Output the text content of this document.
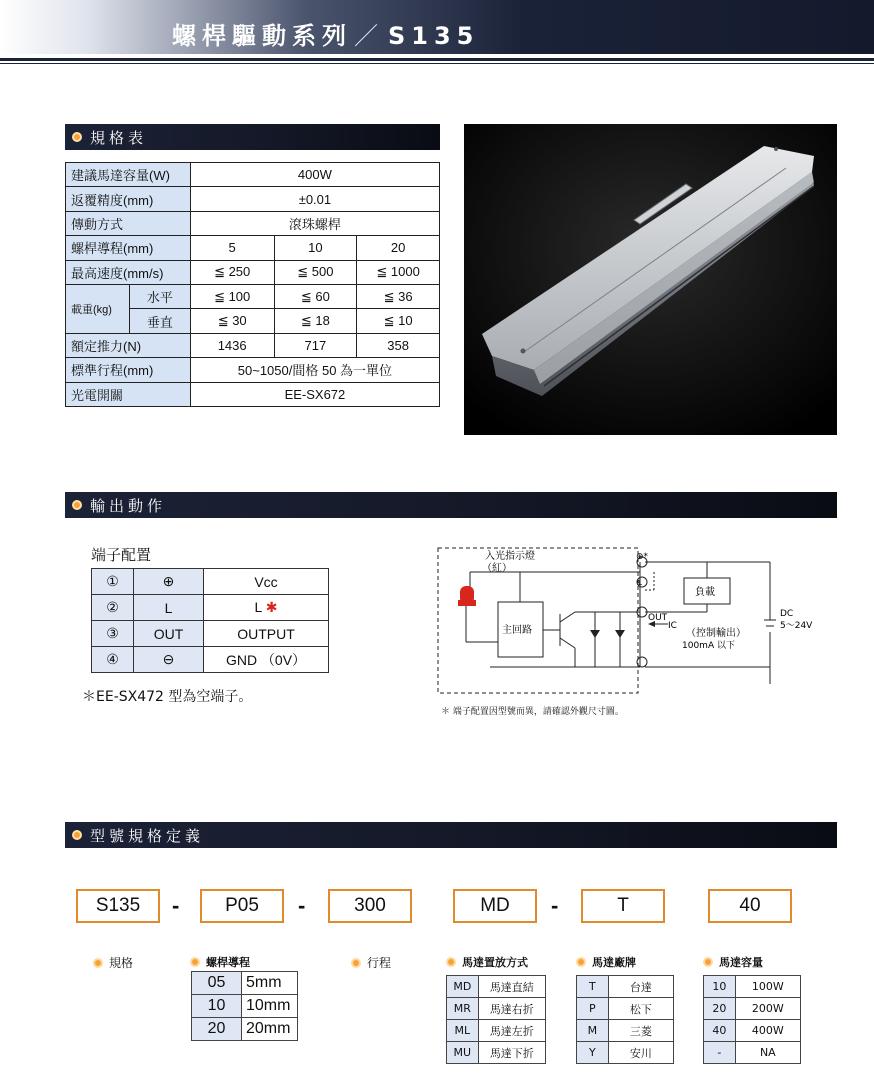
螺桿驅動系列／ S135
規格表
建議馬達容量(W)		400W		
返覆精度(mm)		±0.01		
傳動方式		滾珠螺桿		
螺桿導程(mm)		5	10	20
最高速度(mm/s)		≦ 250	≦ 500	≦ 1000
載重(kg)	水平	≦ 100	≦ 60	≦ 36
	垂直	≦ 30	≦ 18	≦ 10
額定推力(N)		1436	717	358
標準行程(mm)		50~1050/間格 50 為一單位		
光電開關		EE-SX672		
輸出動作
端子配置
①	⊕	Vcc
②	L	L ✱
③	OUT	OUTPUT
④	⊖	GND （0V）
＊EE-SX472 型為空端子。
入光指示燈
（紅）
主回路
負載
OUT
IC
（控制輸出）
100mA 以下
DC
5～24V
L
⊕*
＊ 端子配置因型號而異，請確認外觀尺寸圖。
型號規格定義
S135	-	P05	-	300	MD	-	T	40
規格	螺桿導程	行程	馬達置放方式	馬達廠牌	馬達容量
05	5mm
10	10mm
20	20mm
MD	馬達直結
MR	馬達右折
ML	馬達左折
MU	馬達下折
T	台達
P	松下
M	三菱
Y	安川
10	100W
20	200W
40	400W
-	NA
